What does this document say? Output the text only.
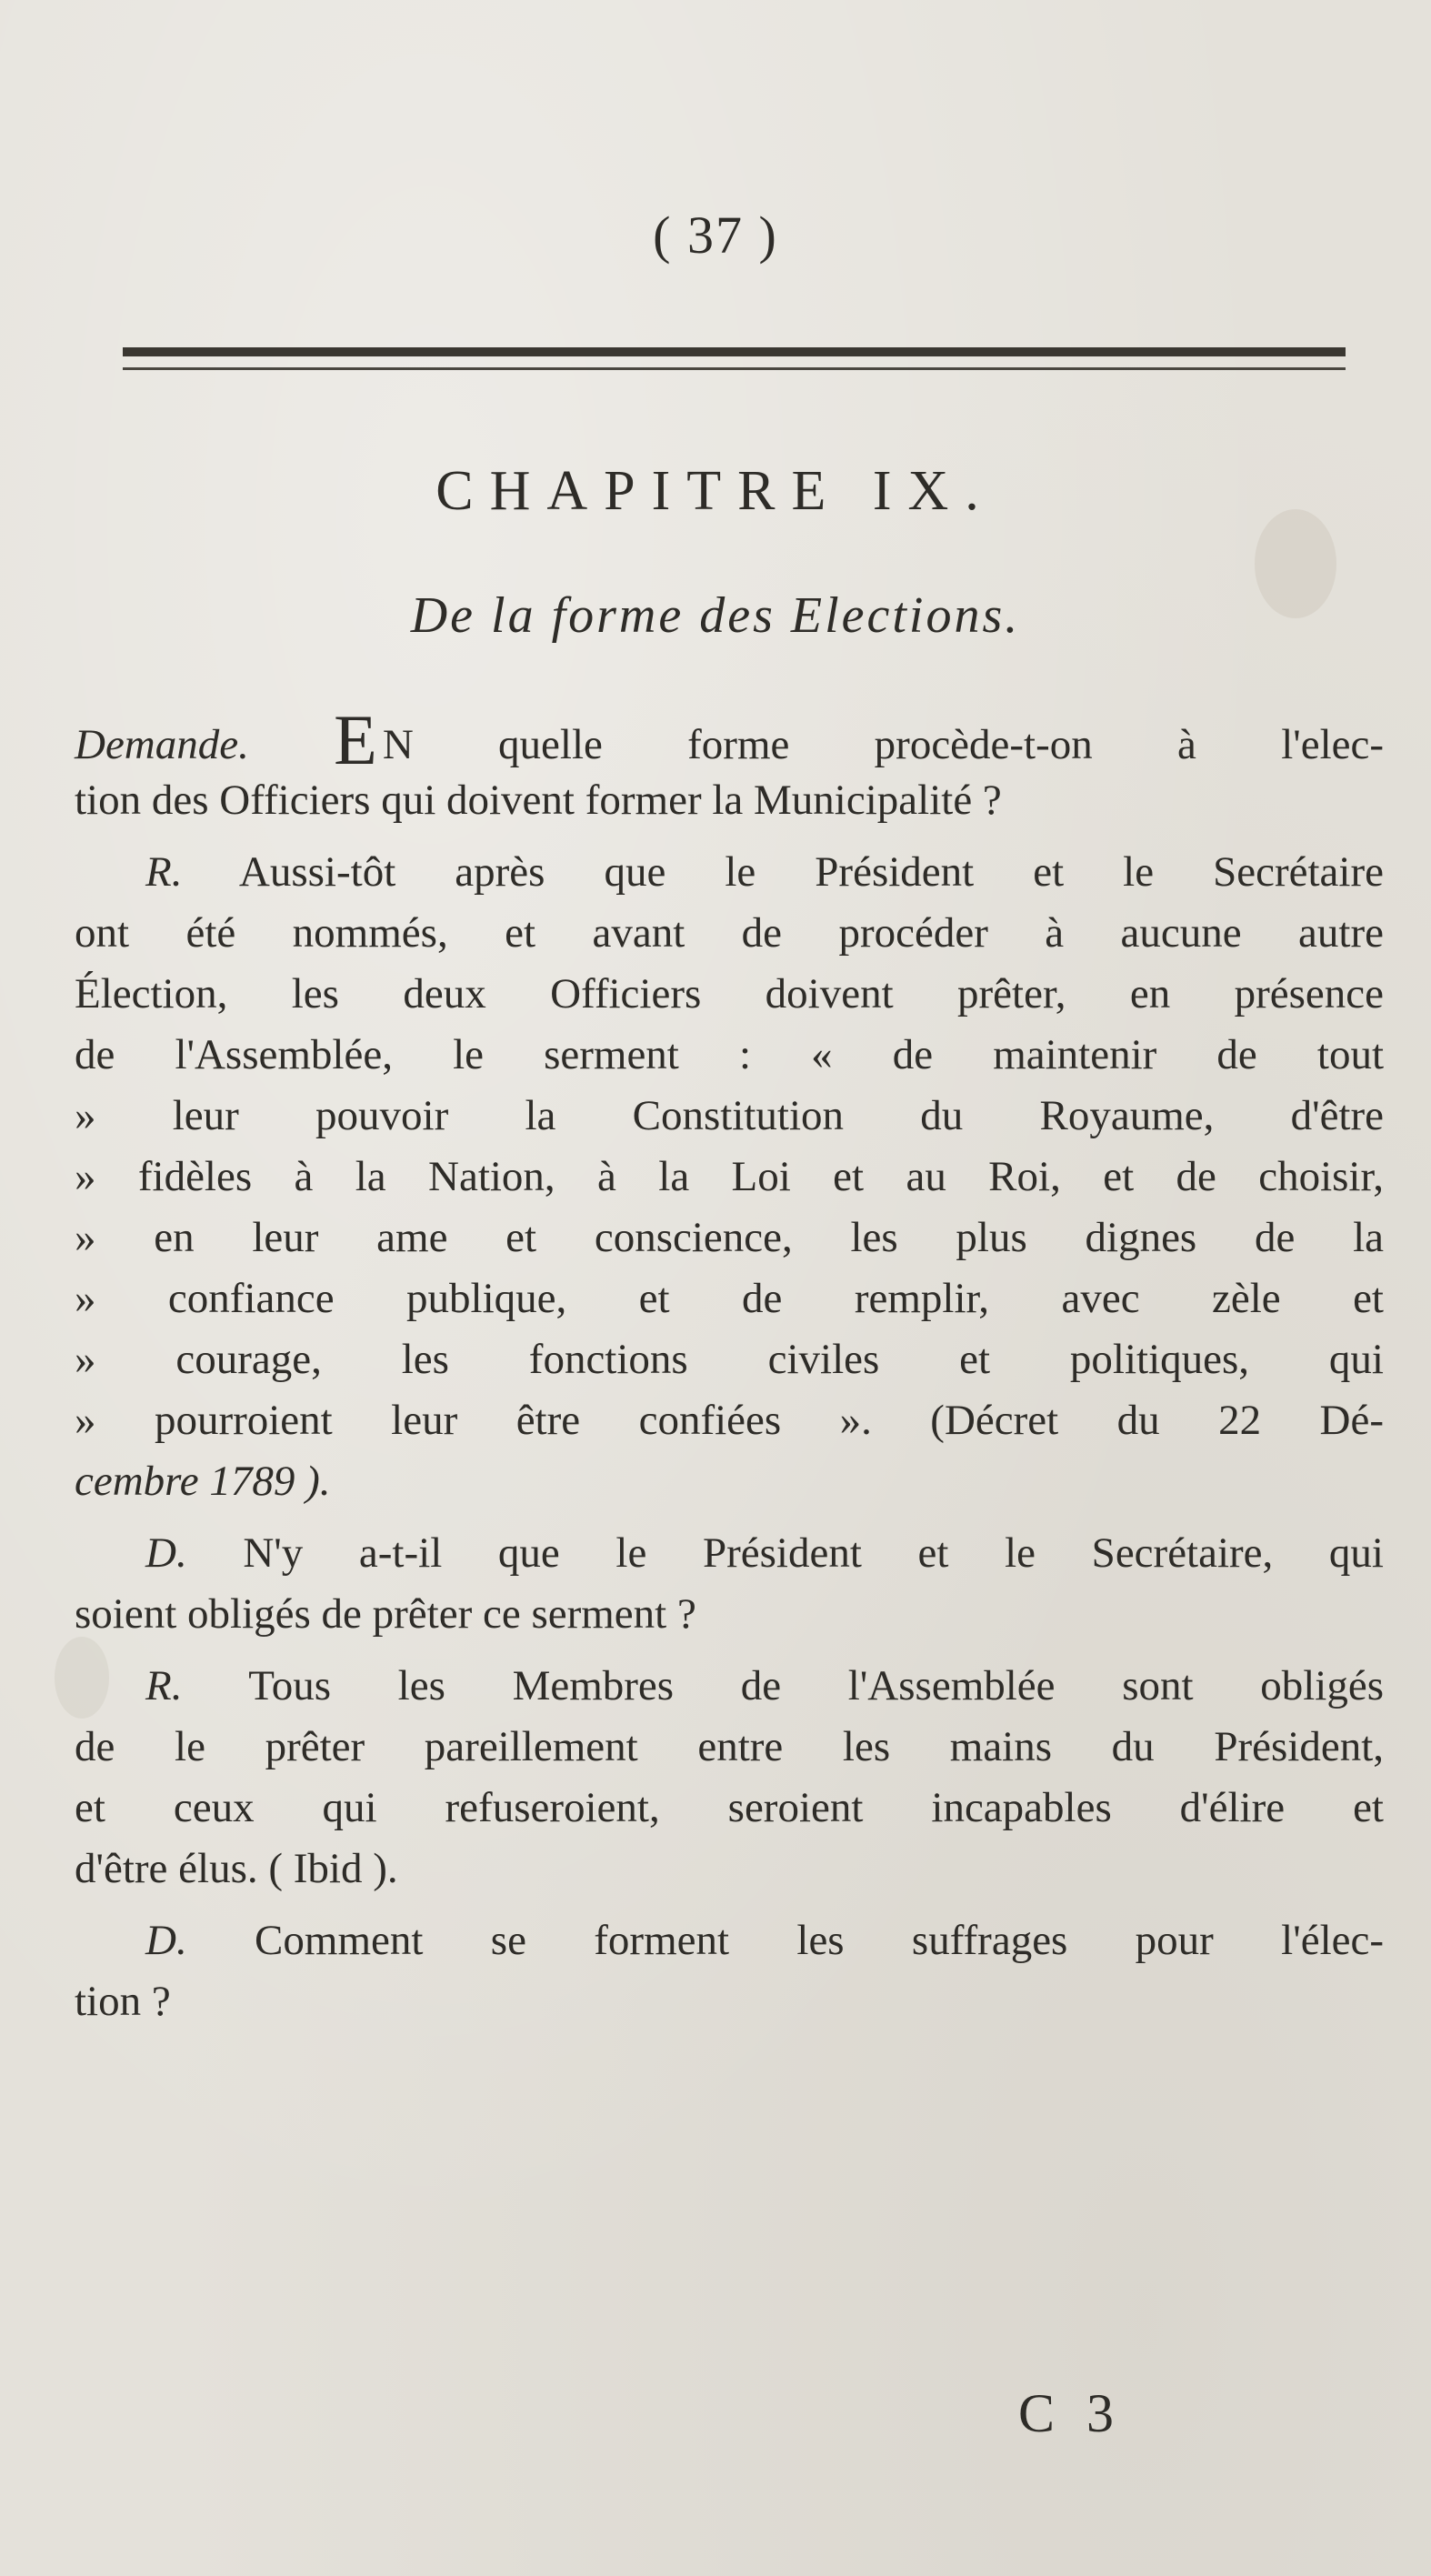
( 37 )
CHAPITRE IX.
De la forme des Elections.
Demande. E N quelle forme procède-t-on à l'elec-
tion des Officiers qui doivent former la Municipalité ?
R. Aussi-tôt après que le Président et le Secrétaire
ont été nommés, et avant de procéder à aucune autre
Élection, les deux Officiers doivent prêter, en présence
de l'Assemblée, le serment : « de maintenir de tout
» leur pouvoir la Constitution du Royaume, d'être
» fidèles à la Nation, à la Loi et au Roi, et de choisir,
» en leur ame et conscience, les plus dignes de la
» confiance publique, et de remplir, avec zèle et
» courage, les fonctions civiles et politiques, qui
» pourroient leur être confiées ». (Décret du 22 Dé-
cembre 1789 ).
D. N'y a-t-il que le Président et le Secrétaire, qui
soient obligés de prêter ce serment ?
R. Tous les Membres de l'Assemblée sont obligés
de le prêter pareillement entre les mains du Président,
et ceux qui refuseroient, seroient incapables d'élire et
d'être élus. ( Ibid ).
D. Comment se forment les suffrages pour l'élec-
tion ?
C 3
